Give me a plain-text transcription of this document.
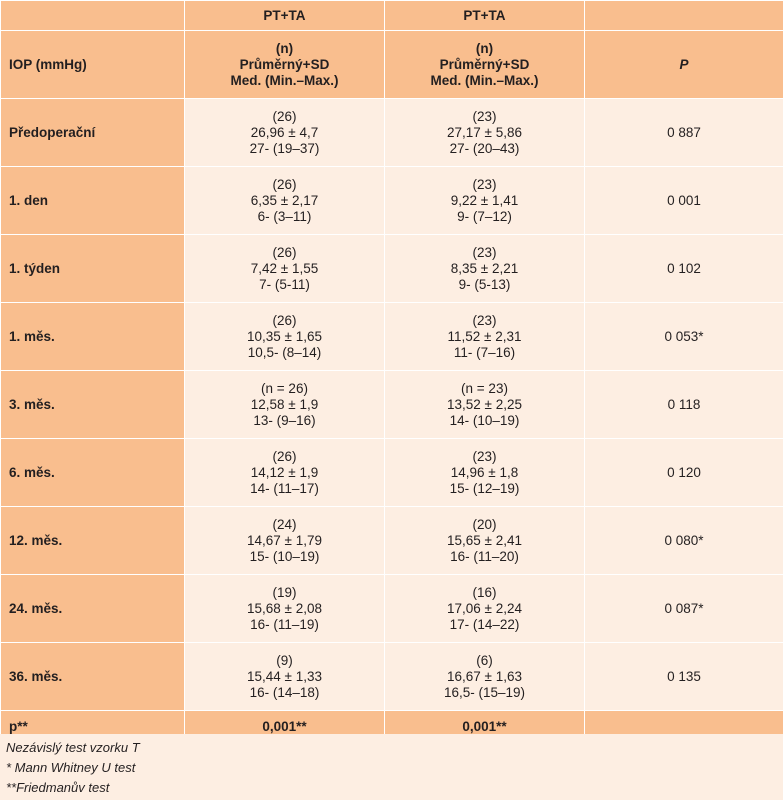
	PT+TA	PT+TA	
IOP (mmHg)	(n)
Průměrný+SD
Med. (Min.–Max.)	(n)
Průměrný+SD
Med. (Min.–Max.)	P
Předoperační	(26)
26,96 ± 4,7
27- (19–37)	(23)
27,17 ± 5,86
27- (20–43)	0 887
1. den	(26)
6,35 ± 2,17
6- (3–11)	(23)
9,22 ± 1,41
9- (7–12)	0 001
1. týden	(26)
7,42 ± 1,55
7- (5-11)	(23)
8,35 ± 2,21
9- (5-13)	0 102
1. měs.	(26)
10,35 ± 1,65
10,5- (8–14)	(23)
11,52 ± 2,31
11- (7–16)	0 053*
3. měs.	(n = 26)
12,58 ± 1,9
13- (9–16)	(n = 23)
13,52 ± 2,25
14- (10–19)	0 118
6. měs.	(26)
14,12 ± 1,9
14- (11–17)	(23)
14,96 ± 1,8
15- (12–19)	0 120
12. měs.	(24)
14,67 ± 1,79
15- (10–19)	(20)
15,65 ± 2,41
16- (11–20)	0 080*
24. měs.	(19)
15,68 ± 2,08
16- (11–19)	(16)
17,06 ± 2,24
17- (14–22)	0 087*
36. měs.	(9)
15,44 ± 1,33
16- (14–18)	(6)
16,67 ± 1,63
16,5- (15–19)	0 135
p**	0,001**	0,001**	
Nezávislý test vzorku T
* Mann Whitney U test
**Friedmanův test
